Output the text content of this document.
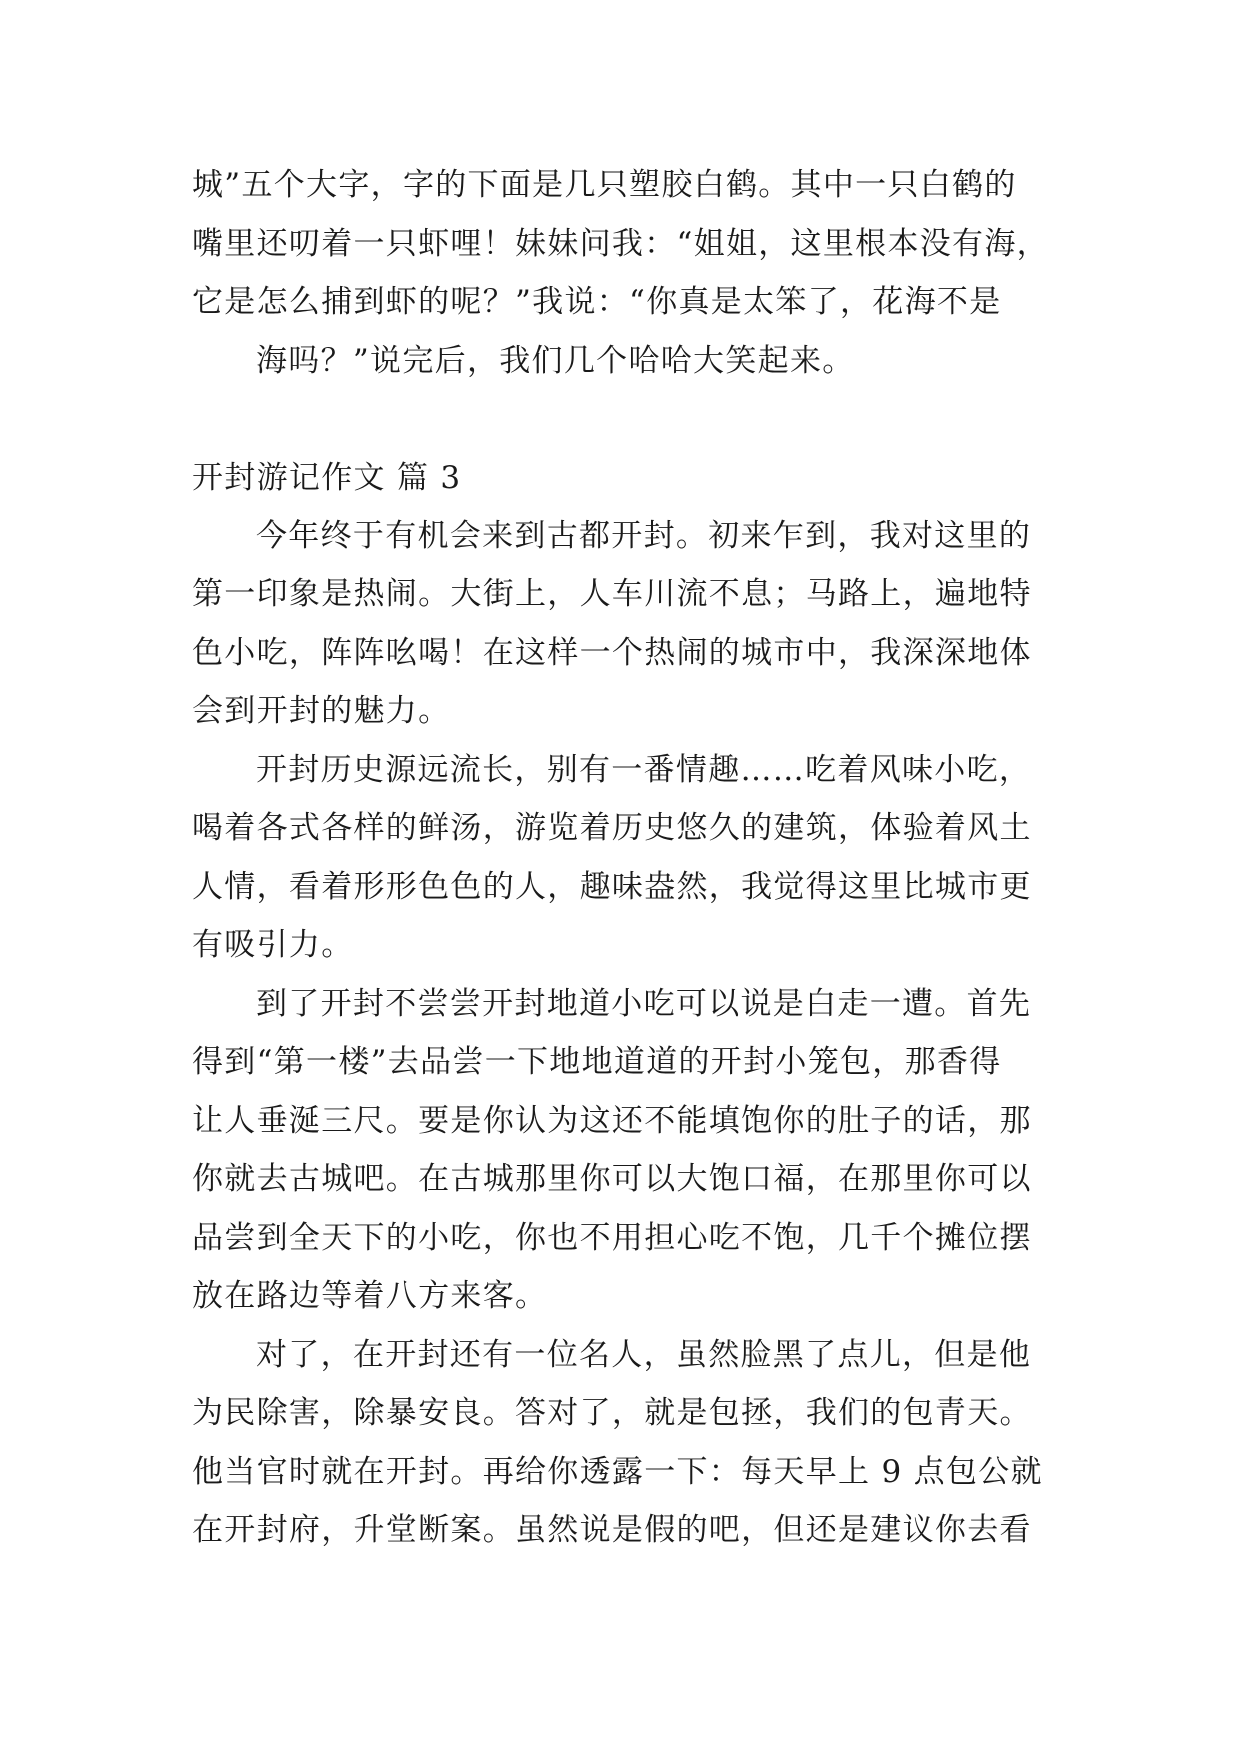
城”五个大字，字的下面是几只塑胶白鹤。其中一只白鹤的
嘴里还叨着一只虾哩！妹妹问我：“姐姐，这里根本没有海，
它是怎么捕到虾的呢？”我说：“你真是太笨了，花海不是
海吗？”说完后，我们几个哈哈大笑起来。
开封游记作文 篇 3
今年终于有机会来到古都开封。初来乍到，我对这里的
第一印象是热闹。大街上，人车川流不息；马路上，遍地特
色小吃，阵阵吆喝！在这样一个热闹的城市中，我深深地体
会到开封的魅力。
开封历史源远流长，别有一番情趣……吃着风味小吃，
喝着各式各样的鲜汤，游览着历史悠久的建筑，体验着风土
人情，看着形形色色的人，趣味盎然，我觉得这里比城市更
有吸引力。
到了开封不尝尝开封地道小吃可以说是白走一遭。首先
得到“第一楼”去品尝一下地地道道的开封小笼包，那香得
让人垂涎三尺。要是你认为这还不能填饱你的肚子的话，那
你就去古城吧。在古城那里你可以大饱口福，在那里你可以
品尝到全天下的小吃，你也不用担心吃不饱，几千个摊位摆
放在路边等着八方来客。
对了，在开封还有一位名人，虽然脸黑了点儿，但是他
为民除害，除暴安良。答对了，就是包拯，我们的包青天。
他当官时就在开封。再给你透露一下：每天早上 9 点包公就
在开封府，升堂断案。虽然说是假的吧，但还是建议你去看
